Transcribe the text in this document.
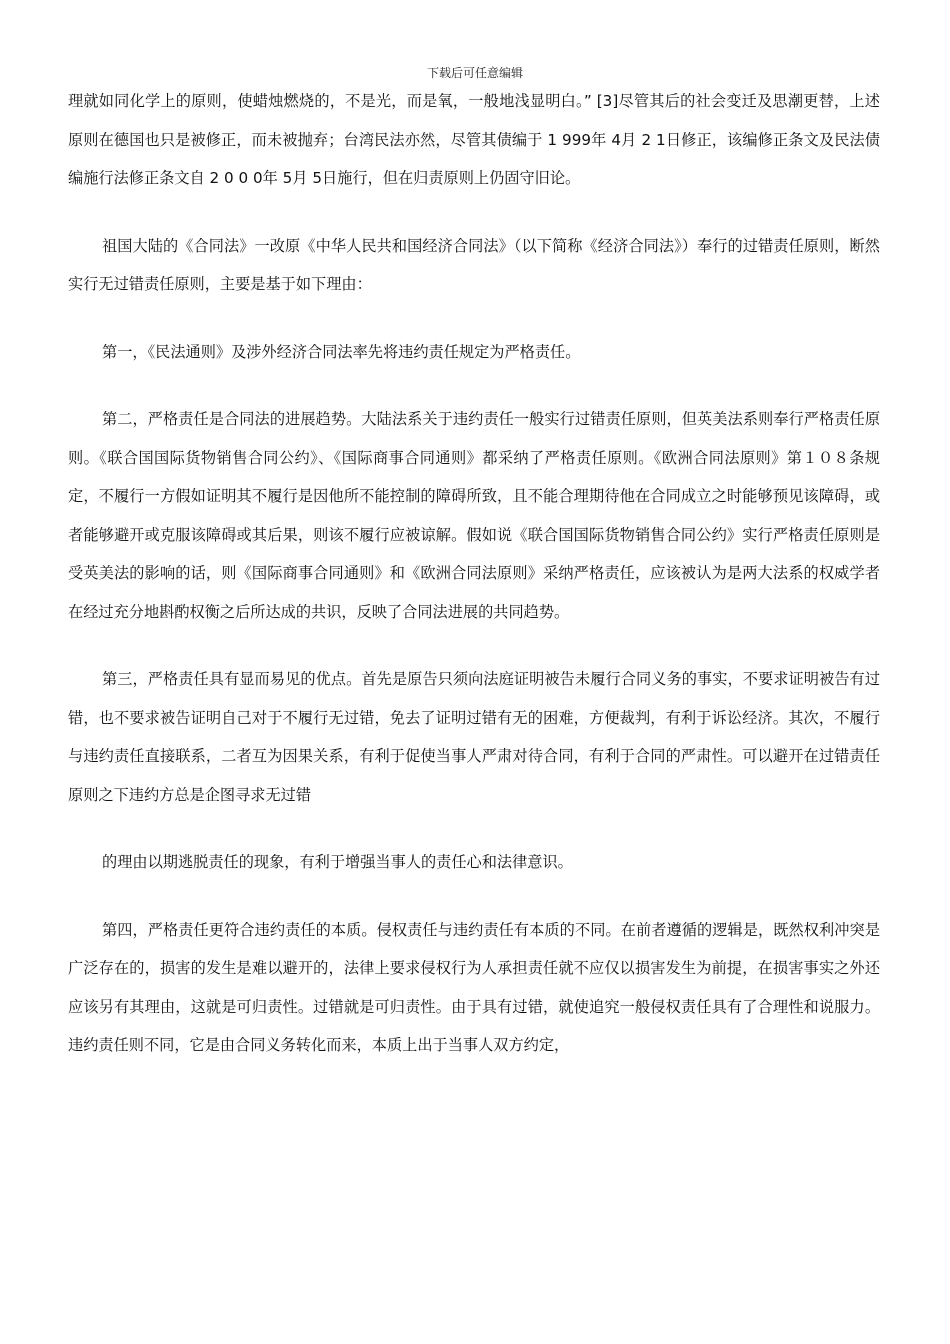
下载后可任意编辑

理就如同化学上的原则，使蜡烛燃烧的，不是光，而是氧，一般地浅显明白。” [3]尽管其后的社会变迁及思潮更替，上述原则在德国也只是被修正，而未被抛弃；台湾民法亦然，尽管其债编于 1 999年 4月 2 1日修正，该编修正条文及民法债编施行法修正条文自 2 0 0 0年 5月 5日施行，但在归责原则上仍固守旧论。

祖国大陆的《合同法》一改原《中华人民共和国经济合同法》（以下简称《经济合同法》）奉行的过错责任原则，断然实行无过错责任原则，主要是基于如下理由：

第一，《民法通则》及涉外经济合同法率先将违约责任规定为严格责任。

第二，严格责任是合同法的进展趋势。大陆法系关于违约责任一般实行过错责任原则，但英美法系则奉行严格责任原则。《联合国国际货物销售合同公约》、《国际商事合同通则》都采纳了严格责任原则。《欧洲合同法原则》第１０８条规定，不履行一方假如证明其不履行是因他所不能控制的障碍所致，且不能合理期待他在合同成立之时能够预见该障碍，或者能够避开或克服该障碍或其后果，则该不履行应被谅解。假如说《联合国国际货物销售合同公约》实行严格责任原则是受英美法的影响的话，则《国际商事合同通则》和《欧洲合同法原则》采纳严格责任，应该被认为是两大法系的权威学者在经过充分地斟酌权衡之后所达成的共识，反映了合同法进展的共同趋势。

第三，严格责任具有显而易见的优点。首先是原告只须向法庭证明被告未履行合同义务的事实，不要求证明被告有过错，也不要求被告证明自己对于不履行无过错，免去了证明过错有无的困难，方便裁判，有利于诉讼经济。其次，不履行与违约责任直接联系，二者互为因果关系，有利于促使当事人严肃对待合同，有利于合同的严肃性。可以避开在过错责任原则之下违约方总是企图寻求无过错

的理由以期逃脱责任的现象，有利于增强当事人的责任心和法律意识。

第四，严格责任更符合违约责任的本质。侵权责任与违约责任有本质的不同。在前者遵循的逻辑是，既然权利冲突是广泛存在的，损害的发生是难以避开的，法律上要求侵权行为人承担责任就不应仅以损害发生为前提，在损害事实之外还应该另有其理由，这就是可归责性。过错就是可归责性。由于具有过错，就使追究一般侵权责任具有了合理性和说服力。违约责任则不同，它是由合同义务转化而来，本质上出于当事人双方约定，
